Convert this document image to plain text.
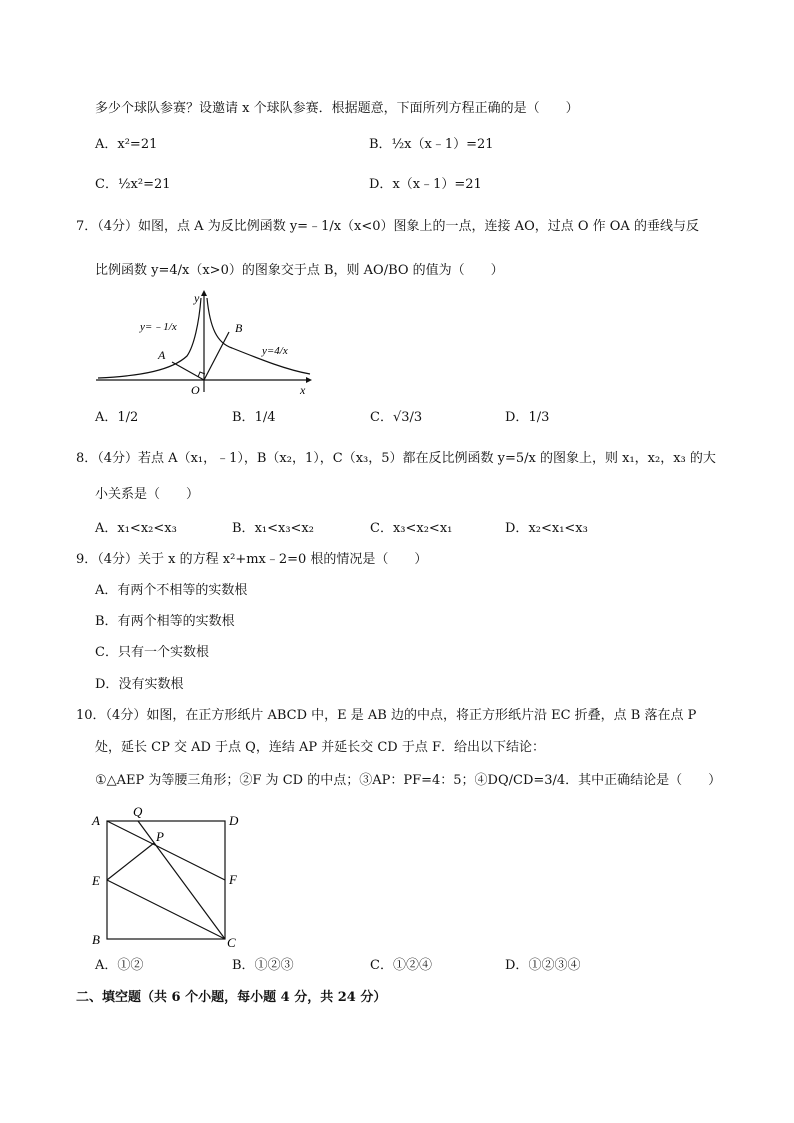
多少个球队参赛？设邀请 x 个球队参赛．根据题意，下面所列方程正确的是（　　）
A．x²=21	B．½x（x﹣1）=21
C．½x²=21	D．x（x﹣1）=21
7．（4分）如图，点 A 为反比例函数 y=﹣1/x（x<0）图象上的一点，连接 AO，过点 O 作 OA 的垂线与反
比例函数 y=4/x（x>0）的图象交于点 B，则 AO/BO 的值为（　　）
y
x
O
A
B
y=﹣1/x
y=4/x
A．1/2	B．1/4	C．√3/3	D．1/3
8．（4分）若点 A（x₁，﹣1），B（x₂，1），C（x₃，5）都在反比例函数 y=5/x 的图象上，则 x₁，x₂，x₃ 的大
小关系是（　　）
A．x₁<x₂<x₃	B．x₁<x₃<x₂	C．x₃<x₂<x₁	D．x₂<x₁<x₃
9．（4分）关于 x 的方程 x²+mx﹣2=0 根的情况是（　　）
A．有两个不相等的实数根
B．有两个相等的实数根
C．只有一个实数根
D．没有实数根
10．（4分）如图，在正方形纸片 ABCD 中，E 是 AB 边的中点，将正方形纸片沿 EC 折叠，点 B 落在点 P
处，延长 CP 交 AD 于点 Q，连结 AP 并延长交 CD 于点 F．给出以下结论：
①△AEP 为等腰三角形；②F 为 CD 的中点；③AP：PF=4：5；④DQ/CD=3/4．其中正确结论是（　　）
A
Q
D
P
E	F
B	C
A．①②	B．①②③	C．①②④	D．①②③④
二、填空题（共 6 个小题，每小题 4 分，共 24 分）
